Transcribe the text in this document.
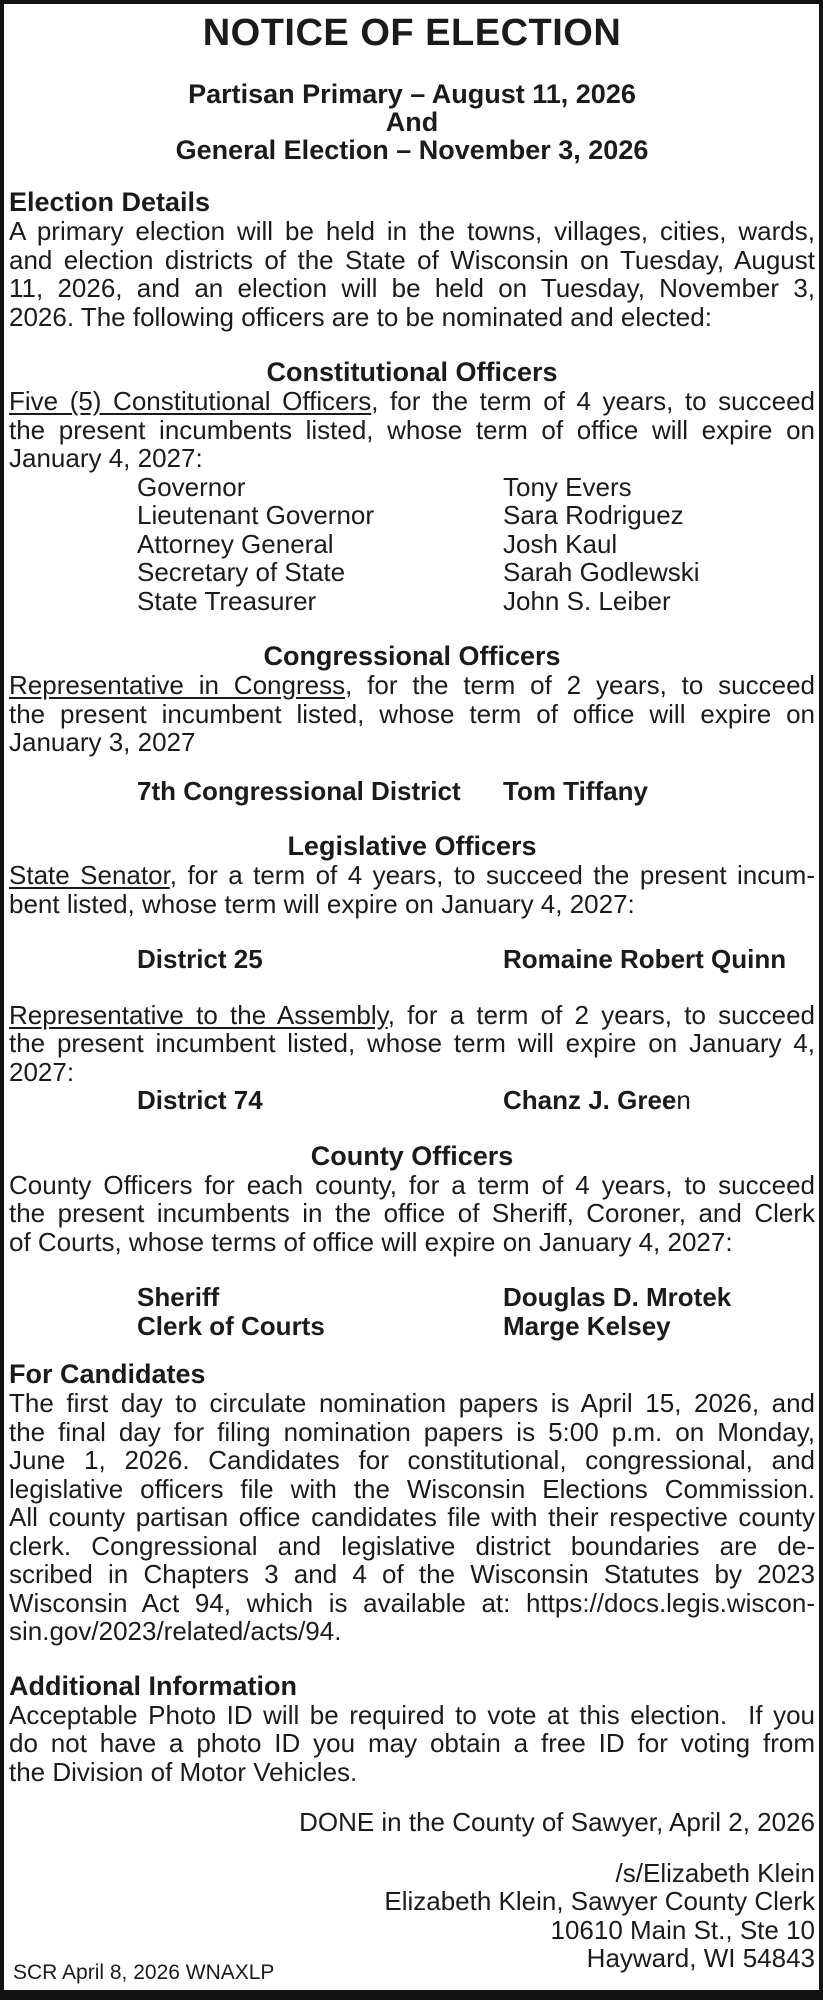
NOTICE OF ELECTION
Partisan Primary – August 11, 2026
And
General Election – November 3, 2026
Election Details
A primary election will be held in the towns, villages, cities, wards,
and election districts of the State of Wisconsin on Tuesday, August
11, 2026, and an election will be held on Tuesday, November 3,
2026. The following officers are to be nominated and elected:
Constitutional Officers
Five (5) Constitutional Officers, for the term of 4 years, to succeed
the present incumbents listed, whose term of office will expire on
January 4, 2027:
Governor	Tony Evers
Lieutenant Governor	Sara Rodriguez
Attorney General	Josh Kaul
Secretary of State	Sarah Godlewski
State Treasurer	John S. Leiber
Congressional Officers
Representative in Congress, for the term of 2 years, to succeed
the present incumbent listed, whose term of office will expire on
January 3, 2027
7th Congressional District	Tom Tiffany
Legislative Officers
State Senator, for a term of 4 years, to succeed the present incum-
bent listed, whose term will expire on January 4, 2027:
District 25	Romaine Robert Quinn
Representative to the Assembly, for a term of 2 years, to succeed
the present incumbent listed, whose term will expire on January 4,
2027:
District 74	Chanz J. Green
County Officers
County Officers for each county, for a term of 4 years, to succeed
the present incumbents in the office of Sheriff, Coroner, and Clerk
of Courts, whose terms of office will expire on January 4, 2027:
Sheriff	Douglas D. Mrotek
Clerk of Courts	Marge Kelsey
For Candidates
The first day to circulate nomination papers is April 15, 2026, and
the final day for filing nomination papers is 5:00 p.m. on Monday,
June 1, 2026. Candidates for constitutional, congressional, and
legislative officers file with the Wisconsin Elections Commission.
All county partisan office candidates file with their respective county
clerk. Congressional and legislative district boundaries are de-
scribed in Chapters 3 and 4 of the Wisconsin Statutes by 2023
Wisconsin Act 94, which is available at: https://docs.legis.wiscon-
sin.gov/2023/related/acts/94.
Additional Information
Acceptable Photo ID will be required to vote at this election.  If you
do not have a photo ID you may obtain a free ID for voting from
the Division of Motor Vehicles.
DONE in the County of Sawyer, April 2, 2026
/s/Elizabeth Klein
Elizabeth Klein, Sawyer County Clerk
10610 Main St., Ste 10
Hayward, WI 54843
SCR April 8, 2026 WNAXLP
